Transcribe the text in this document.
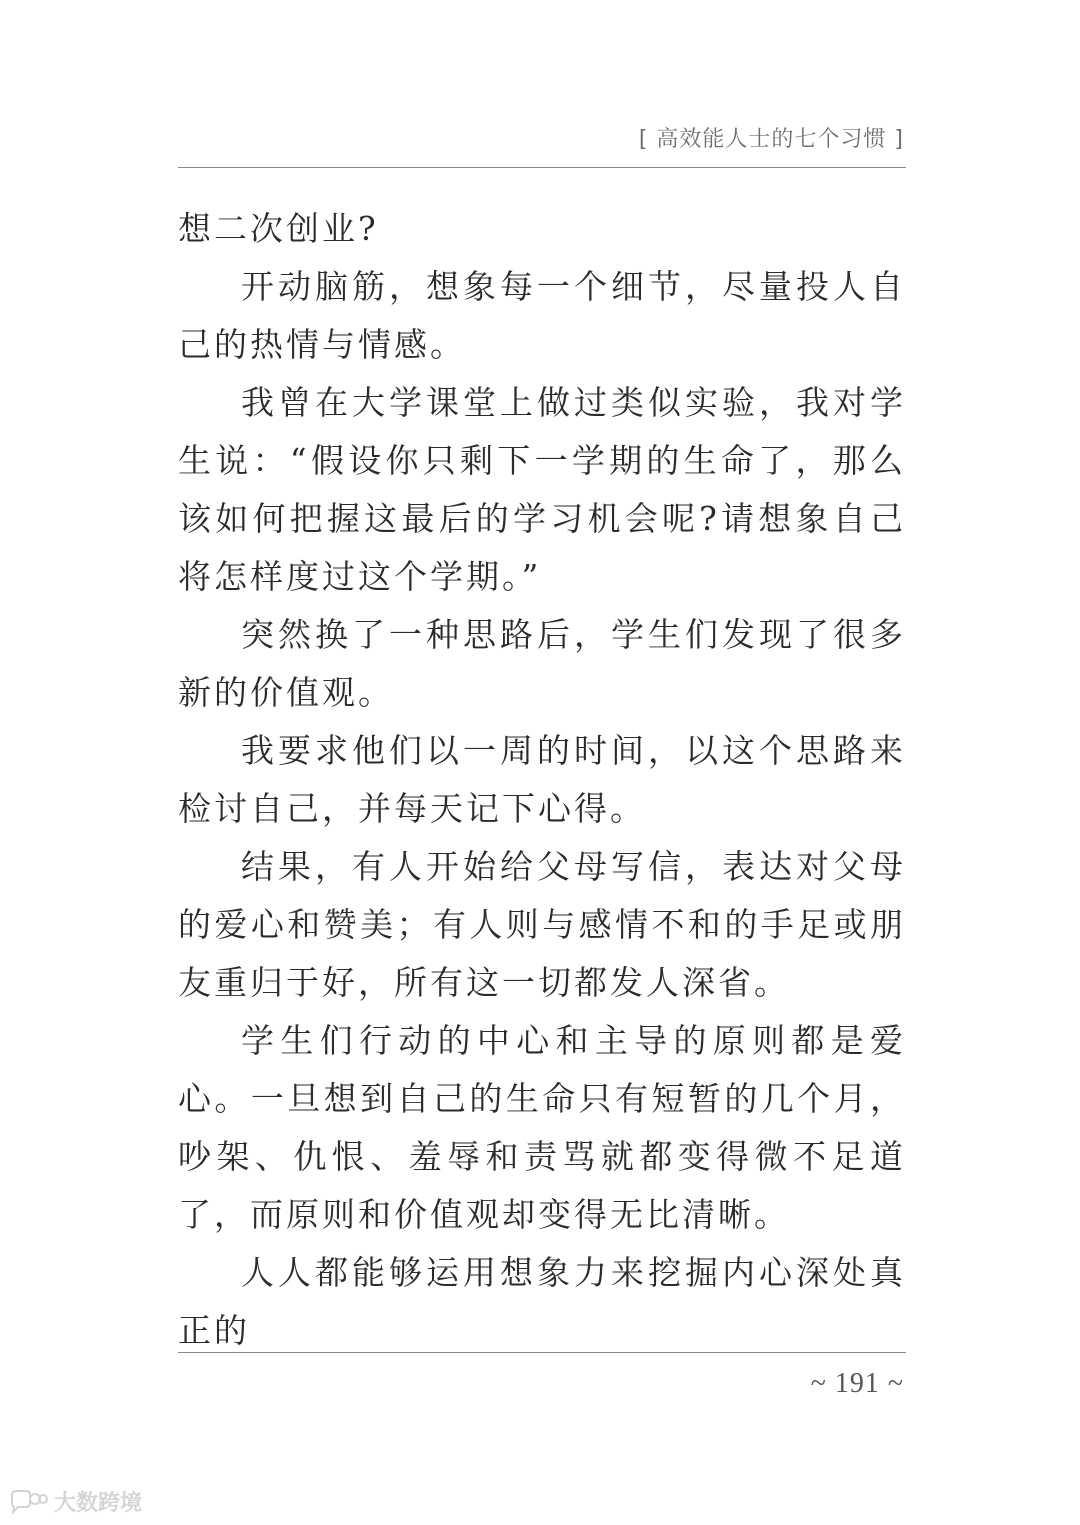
[ 高效能人士的七个习惯 ]

想二次创业?

开动脑筋，想象每一个细节，尽量投人自己的热情与情感。

我曾在大学课堂上做过类似实验，我对学生说：“假设你只剩下一学期的生命了，那么该如何把握这最后的学习机会呢?请想象自己将怎样度过这个学期。”

突然换了一种思路后，学生们发现了很多新的价值观。

我要求他们以一周的时间，以这个思路来检讨自己，并每天记下心得。

结果，有人开始给父母写信，表达对父母的爱心和赞美；有人则与感情不和的手足或朋友重归于好，所有这一切都发人深省。

学生们行动的中心和主导的原则都是爱心。一旦想到自己的生命只有短暂的几个月，吵架、仇恨、羞辱和责骂就都变得微不足道了，而原则和价值观却变得无比清晰。

人人都能够运用想象力来挖掘内心深处真正的

~ 191 ~
大数跨境
